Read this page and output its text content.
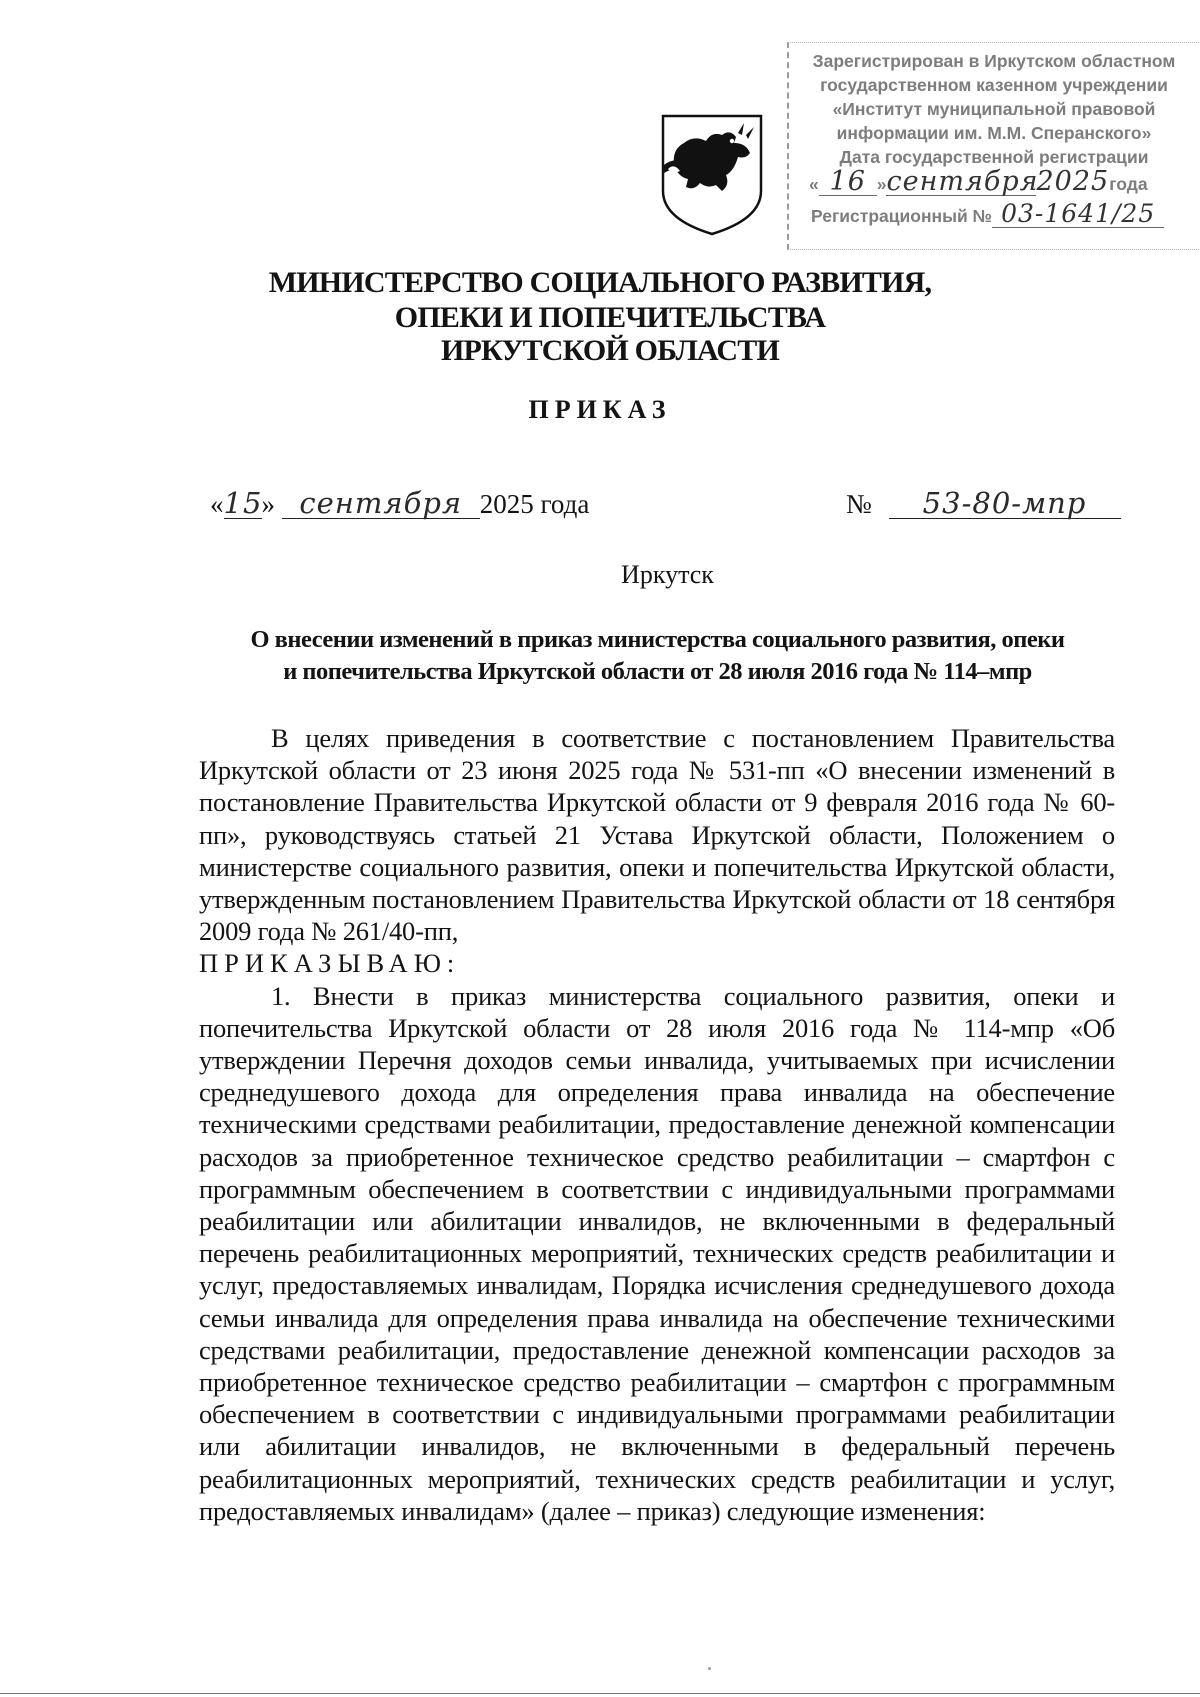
Зарегистрирован в Иркутском областном
государственном казенном учреждении
«Институт муниципальной правовой
информации им. М.М. Сперанского»
Дата государственной регистрации
« 16 »сентября2025года
Регистрационный № 03-1641/25
МИНИСТЕРСТВО СОЦИАЛЬНОГО РАЗВИТИЯ,
ОПЕКИ И ПОПЕЧИТЕЛЬСТВА
ИРКУТСКОЙ ОБЛАСТИ
ПРИКАЗ
«15» сентября 2025 года	№ 53-80-мпр
Иркутск
О внесении изменений в приказ министерства социального развития, опеки
и попечительства Иркутской области от 28 июля 2016 года № 114–мпр

В целях приведения в соответствие с постановлением Правительства Иркутской области от 23 июня 2025 года № 531-пп «О внесении изменений в постановление Правительства Иркутской области от 9 февраля 2016 года № 60-пп», руководствуясь статьей 21 Устава Иркутской области, Положением о министерстве социального развития, опеки и попечительства Иркутской области, утвержденным постановлением Правительства Иркутской области от 18 сентября 2009 года № 261/40-пп,

ПРИКАЗЫВАЮ:

1. Внести в приказ министерства социального развития, опеки и попечительства Иркутской области от 28 июля 2016 года № 114-мпр «Об утверждении Перечня доходов семьи инвалида, учитываемых при исчислении среднедушевого дохода для определения права инвалида на обеспечение техническими средствами реабилитации, предоставление денежной компенсации расходов за приобретенное техническое средство реабилитации – смартфон с программным обеспечением в соответствии с индивидуальными программами реабилитации или абилитации инвалидов, не включенными в федеральный перечень реабилитационных мероприятий, технических средств реабилитации и услуг, предоставляемых инвалидам, Порядка исчисления среднедушевого дохода семьи инвалида для определения права инвалида на обеспечение техническими средствами реабилитации, предоставление денежной компенсации расходов за приобретенное техническое средство реабилитации – смартфон с программным обеспечением в соответствии с индивидуальными программами реабилитации или абилитации инвалидов, не включенными в федеральный перечень реабилитационных мероприятий, технических средств реабилитации и услуг, предоставляемых инвалидам» (далее – приказ) следующие изменения:
